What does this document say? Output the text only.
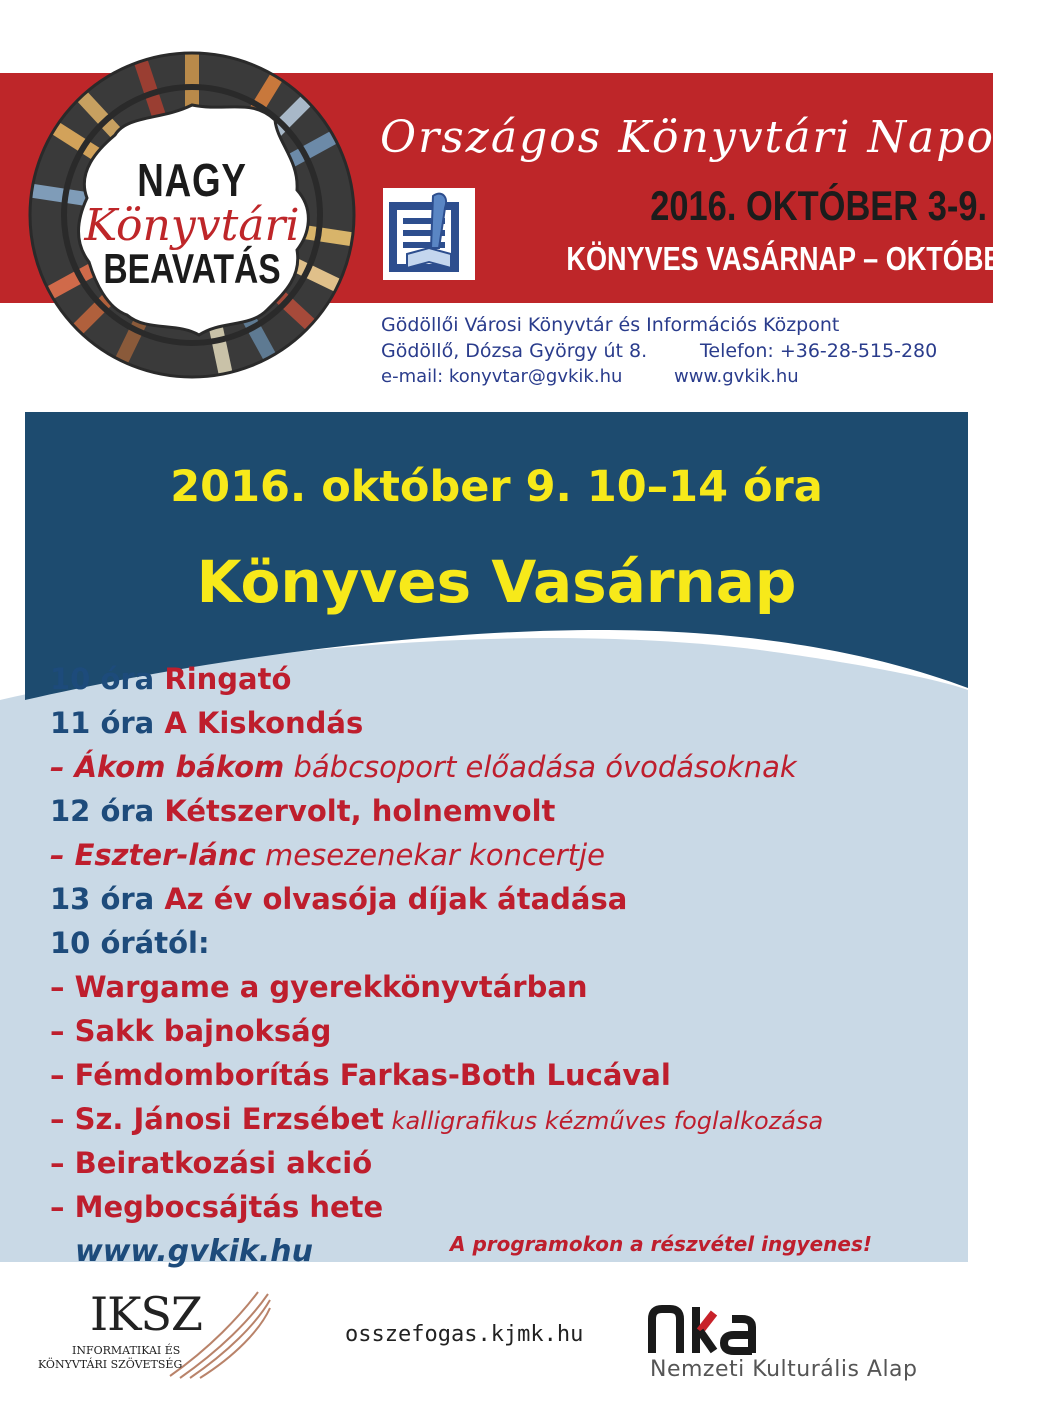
NAGY
Könyvtári
BEAVATÁS
Országos Könyvtári Napok
2016. OKTÓBER 3-9.
KÖNYVES VASÁRNAP – OKTÓBER 9.
Gödöllői Városi Könyvtár és Információs Központ
Gödöllő, Dózsa György út 8.	Telefon: +36-28-515-280
e-mail: konyvtar@gvkik.hu	www.gvkik.hu
2016. október 9. 10–14 óra
Könyves Vasárnap
10 óra Ringató
11 óra A Kiskondás
– Ákom bákom bábcsoport előadása óvodásoknak
12 óra Kétszervolt, holnemvolt
– Eszter-lánc mesezenekar koncertje
13 óra Az év olvasója díjak átadása
10 órától:
– Wargame a gyerekkönyvtárban
– Sakk bajnokság
– Fémdomborítás Farkas-Both Lucával
– Sz. Jánosi Erzsébet kalligrafikus kézműves foglalkozása
– Beiratkozási akció
– Megbocsájtás hete
www.gvkik.hu	A programokon a részvétel ingyenes!
IKSZ
INFORMATIKAI ÉS
KÖNYVTÁRI SZÖVETSÉG
osszefogas.kjmk.hu
Nemzeti Kulturális Alap
